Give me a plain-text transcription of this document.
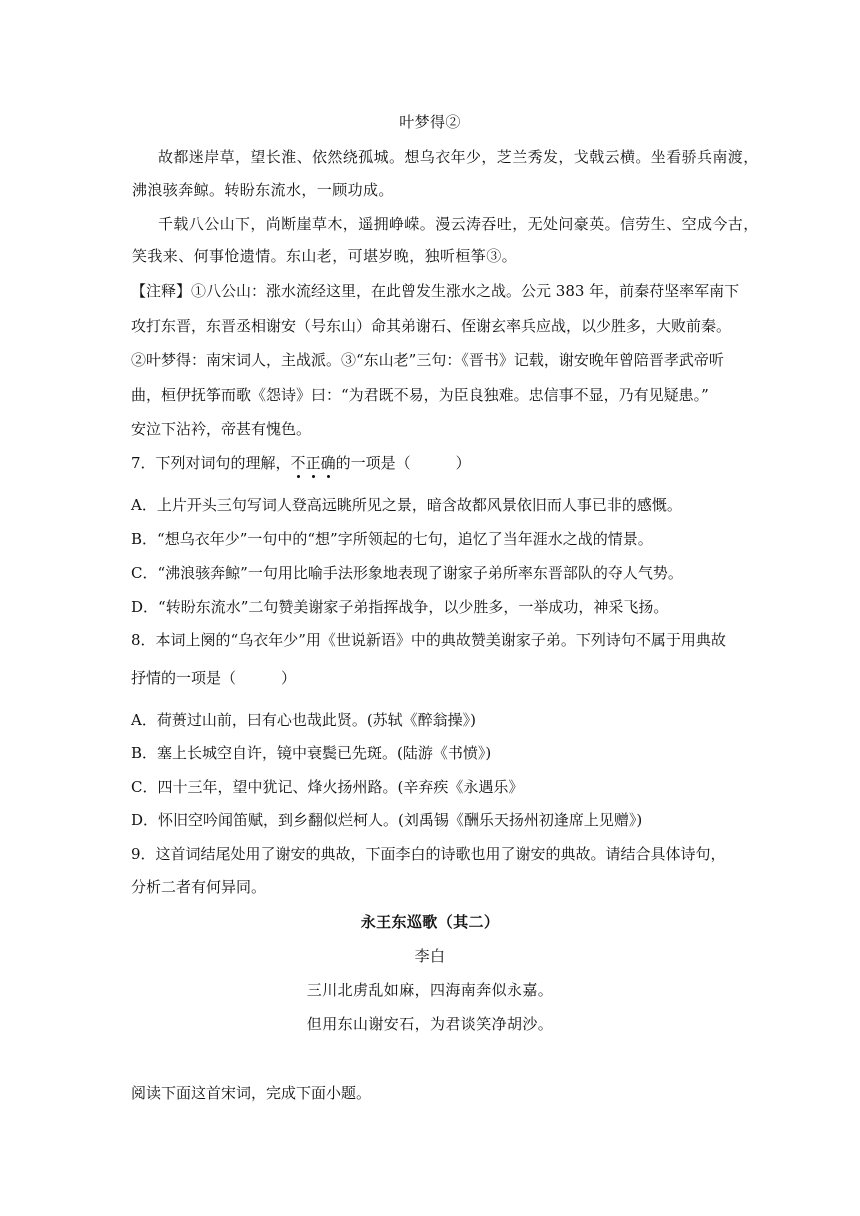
叶梦得②
故都迷岸草，望长淮、依然绕孤城。想乌衣年少，芝兰秀发，戈戟云横。坐看骄兵南渡，
沸浪骇奔鲸。转盼东流水，一顾功成。
千载八公山下，尚断崖草木，遥拥峥嵘。漫云涛吞吐，无处问豪英。信劳生、空成今古，
笑我来、何事怆遗情。东山老，可堪岁晚，独听桓筝③。
【注释】①八公山：涨水流经这里，在此曾发生涨水之战。公元 383 年，前秦苻坚率军南下
攻打东晋，东晋丞相谢安（号东山）命其弟谢石、侄谢玄率兵应战，以少胜多，大败前秦。
②叶梦得：南宋词人，主战派。③“东山老”三句：《晋书》记载，谢安晚年曾陪晋孝武帝听
曲，桓伊抚筝而歌《怨诗》曰：“为君既不易，为臣良独难。忠信事不显，乃有见疑患。”
安泣下沾衿，帝甚有愧色。
7．下列对词句的理解，不正确的一项是（　　　）
A．上片开头三句写词人登高远眺所见之景，暗含故都风景依旧而人事已非的感慨。
B．“想乌衣年少”一句中的“想”字所领起的七句，追忆了当年涯水之战的情景。
C．“沸浪骇奔鲸”一句用比喻手法形象地表现了谢家子弟所率东晋部队的夺人气势。
D．“转盼东流水”二句赞美谢家子弟指挥战争，以少胜多，一举成功，神采飞扬。
8．本词上阕的“乌衣年少”用《世说新语》中的典故赞美谢家子弟。下列诗句不属于用典故
抒情的一项是（　　　）
A．荷蒉过山前，曰有心也哉此贤。(苏轼《醉翁操》)
B．塞上长城空自许，镜中衰鬓已先斑。(陆游《书愤》)
C．四十三年，望中犹记、烽火扬州路。(辛弃疾《永遇乐》
D．怀旧空吟闻笛赋，到乡翻似烂柯人。(刘禹锡《酬乐天扬州初逢席上见赠》)
9．这首词结尾处用了谢安的典故，下面李白的诗歌也用了谢安的典故。请结合具体诗句，
分析二者有何异同。
永王东巡歌（其二）
李白
三川北虏乱如麻，四海南奔似永嘉。
但用东山谢安石，为君谈笑净胡沙。
阅读下面这首宋词，完成下面小题。
